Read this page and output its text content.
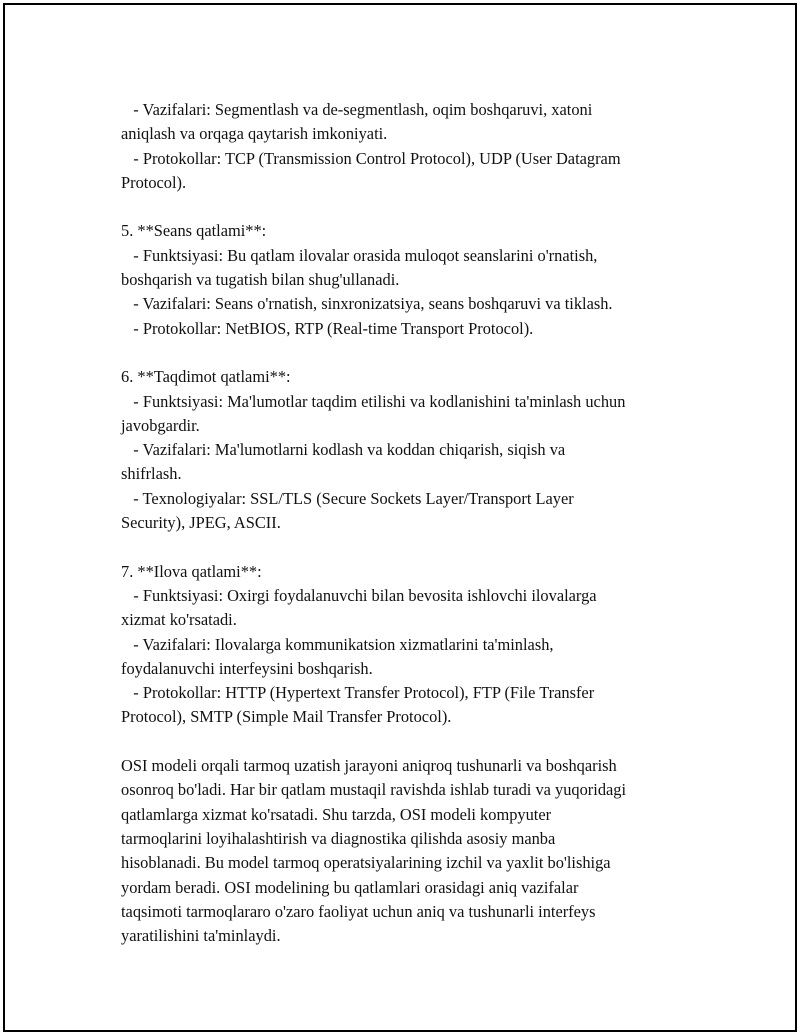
- Vazifalari: Segmentlash va de-segmentlash, oqim boshqaruvi, xatoni
aniqlash va orqaga qaytarish imkoniyati.
- Protokollar: TCP (Transmission Control Protocol), UDP (User Datagram
Protocol).
5. **Seans qatlami**:
- Funktsiyasi: Bu qatlam ilovalar orasida muloqot seanslarini o'rnatish,
boshqarish va tugatish bilan shug'ullanadi.
- Vazifalari: Seans o'rnatish, sinxronizatsiya, seans boshqaruvi va tiklash.
- Protokollar: NetBIOS, RTP (Real-time Transport Protocol).
6. **Taqdimot qatlami**:
- Funktsiyasi: Ma'lumotlar taqdim etilishi va kodlanishini ta'minlash uchun
javobgardir.
- Vazifalari: Ma'lumotlarni kodlash va koddan chiqarish, siqish va
shifrlash.
- Texnologiyalar: SSL/TLS (Secure Sockets Layer/Transport Layer
Security), JPEG, ASCII.
7. **Ilova qatlami**:
- Funktsiyasi: Oxirgi foydalanuvchi bilan bevosita ishlovchi ilovalarga
xizmat ko'rsatadi.
- Vazifalari: Ilovalarga kommunikatsion xizmatlarini ta'minlash,
foydalanuvchi interfeysini boshqarish.
- Protokollar: HTTP (Hypertext Transfer Protocol), FTP (File Transfer
Protocol), SMTP (Simple Mail Transfer Protocol).
OSI modeli orqali tarmoq uzatish jarayoni aniqroq tushunarli va boshqarish
osonroq bo'ladi. Har bir qatlam mustaqil ravishda ishlab turadi va yuqoridagi
qatlamlarga xizmat ko'rsatadi. Shu tarzda, OSI modeli kompyuter
tarmoqlarini loyihalashtirish va diagnostika qilishda asosiy manba
hisoblanadi. Bu model tarmoq operatsiyalarining izchil va yaxlit bo'lishiga
yordam beradi. OSI modelining bu qatlamlari orasidagi aniq vazifalar
taqsimoti tarmoqlararo o'zaro faoliyat uchun aniq va tushunarli interfeys
yaratilishini ta'minlaydi.
